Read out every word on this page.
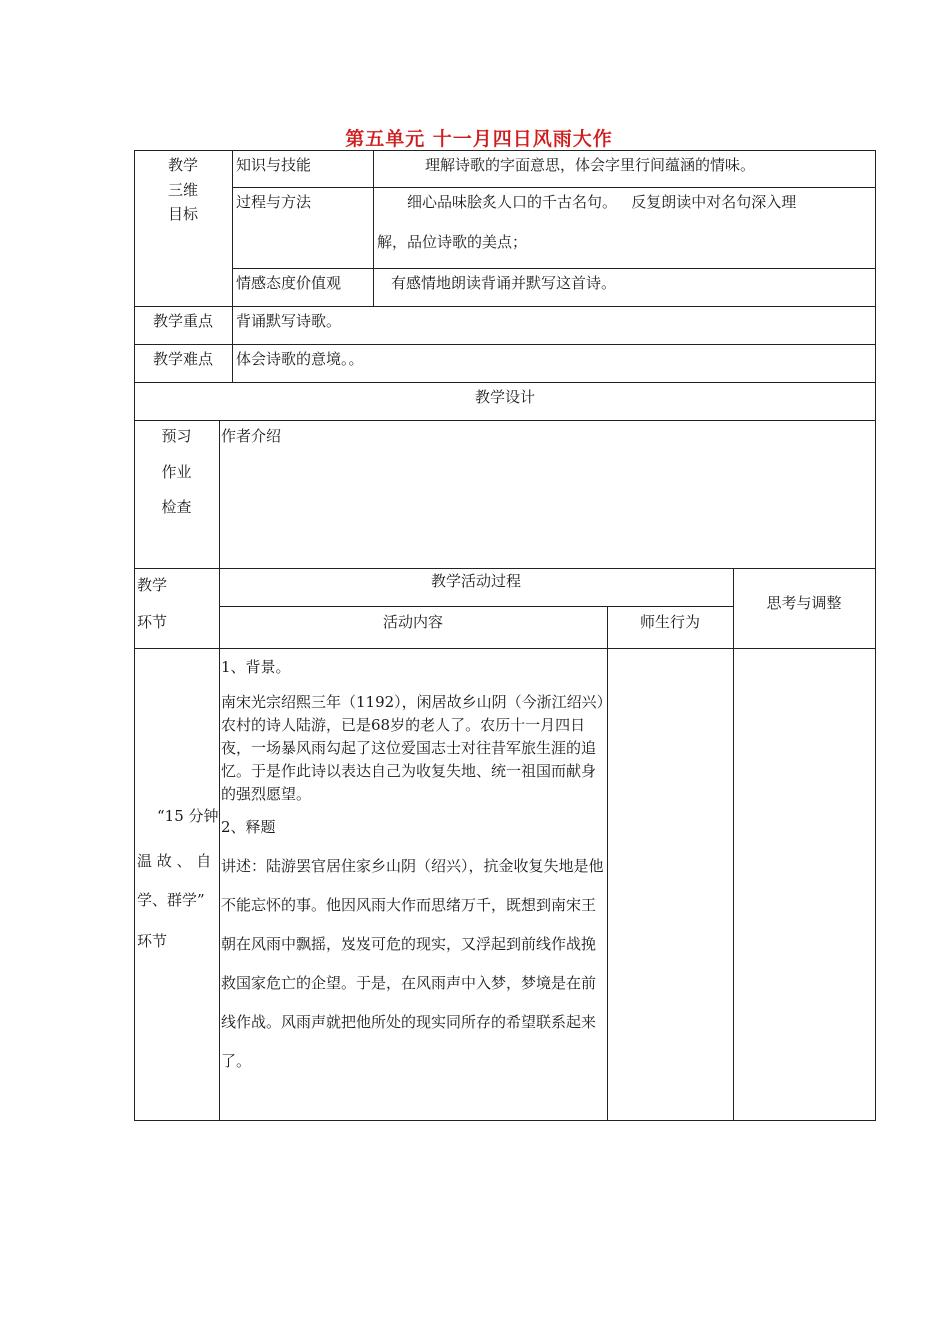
第五单元 十一月四日风雨大作
教学
三维
目标
知识与技能	理解诗歌的字面意思，体会字里行间蕴涵的情味。
过程与方法	细心品味脍炙人口的千古名句。   反复朗读中对名句深入理
解，品位诗歌的美点；
情感态度价值观	有感情地朗读背诵并默写这首诗。
教学重点	背诵默写诗歌。
教学难点	体会诗歌的意境。。
教学设计
预习
作业
检查
作者介绍
教学
环节
教学活动过程
活动内容	师生行为
思考与调整
“15 分钟
温 故 、 自
学、群学”
环节
1、背景。
南宋光宗绍熙三年（1192），闲居故乡山阴（今浙江绍兴）农村的诗人陆游，已是68岁的老人了。农历十一月四日夜，一场暴风雨勾起了这位爱国志士对往昔军旅生涯的追忆。于是作此诗以表达自己为收复失地、统一祖国而献身的强烈愿望。
2、释题
讲述：陆游罢官居住家乡山阴（绍兴），抗金收复失地是他不能忘怀的事。他因风雨大作而思绪万千，既想到南宋王朝在风雨中飘摇，岌岌可危的现实，又浮起到前线作战挽救国家危亡的企望。于是，在风雨声中入梦，梦境是在前线作战。风雨声就把他所处的现实同所存的希望联系起来了。
